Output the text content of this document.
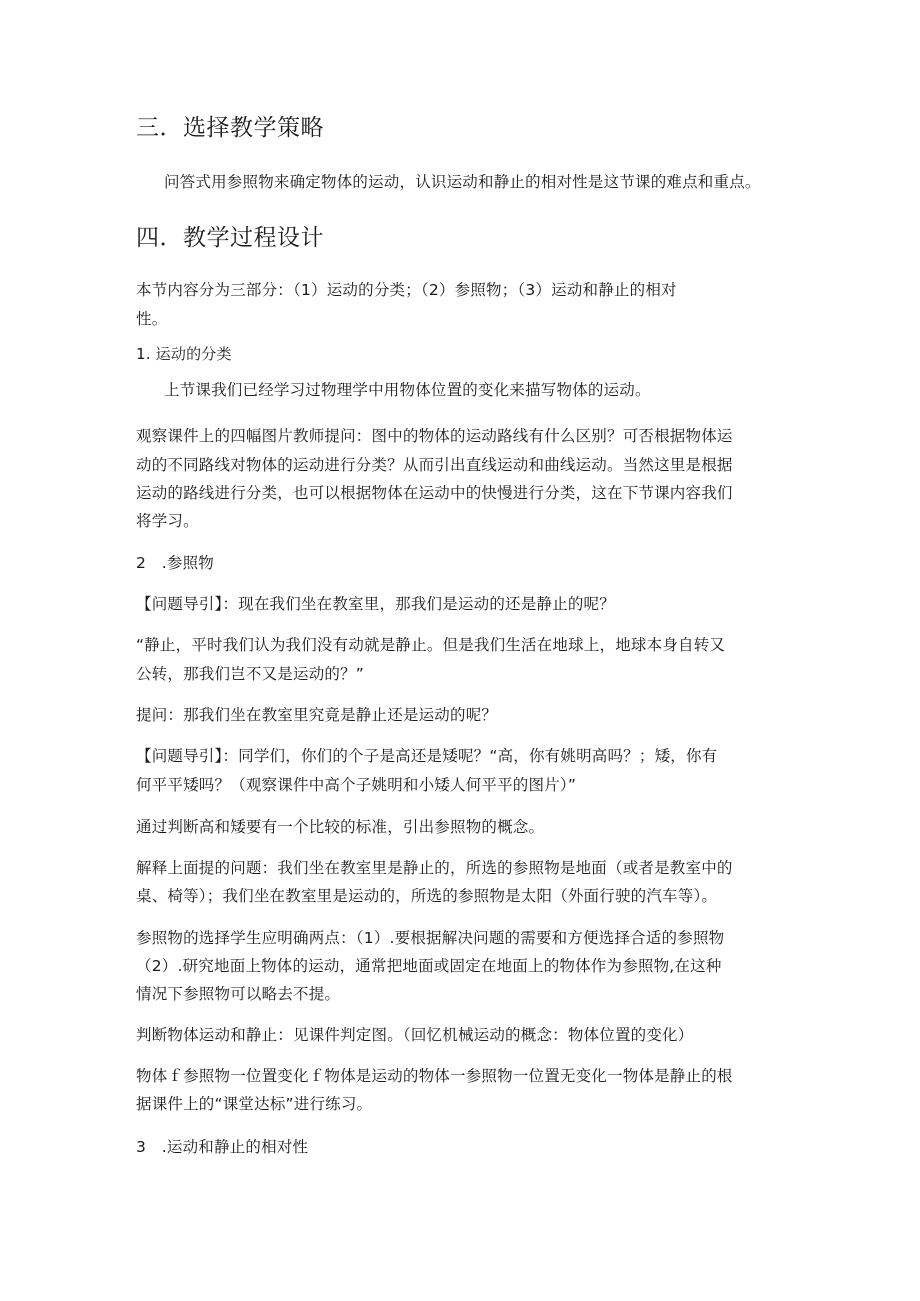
三．选择教学策略

问答式用参照物来确定物体的运动，认识运动和静止的相对性是这节课的难点和重点。

四．教学过程设计

本节内容分为三部分：（1）运动的分类；（2）参照物；（3）运动和静止的相对

性。

1. 运动的分类

上节课我们已经学习过物理学中用物体位置的变化来描写物体的运动。

观察课件上的四幅图片教师提问：图中的物体的运动路线有什么区别？可否根据物体运

动的不同路线对物体的运动进行分类？从而引出直线运动和曲线运动。当然这里是根据

运动的路线进行分类，也可以根据物体在运动中的快慢进行分类，这在下节课内容我们

将学习。

2　.参照物

【问题导引】：现在我们坐在教室里，那我们是运动的还是静止的呢？

“静止，平时我们认为我们没有动就是静止。但是我们生活在地球上，地球本身自转又

公转，那我们岂不又是运动的？”

提问：那我们坐在教室里究竟是静止还是运动的呢？

【问题导引】：同学们，你们的个子是高还是矮呢？“高，你有姚明高吗？；矮，你有

何平平矮吗？（观察课件中高个子姚明和小矮人何平平的图片）”

通过判断高和矮要有一个比较的标准，引出参照物的概念。

解释上面提的问题：我们坐在教室里是静止的，所选的参照物是地面（或者是教室中的

桌、椅等）；我们坐在教室里是运动的，所选的参照物是太阳（外面行驶的汽车等）。

参照物的选择学生应明确两点：（1）.要根据解决问题的需要和方便选择合适的参照物

（2）.研究地面上物体的运动，通常把地面或固定在地面上的物体作为参照物,在这种

情况下参照物可以略去不提。

判断物体运动和静止：见课件判定图。（回忆机械运动的概念：物体位置的变化）

物体ｆ参照物一位置变化ｆ物体是运动的物体一参照物一位置无变化一物体是静止的根

据课件上的“课堂达标”进行练习。

3　.运动和静止的相对性
